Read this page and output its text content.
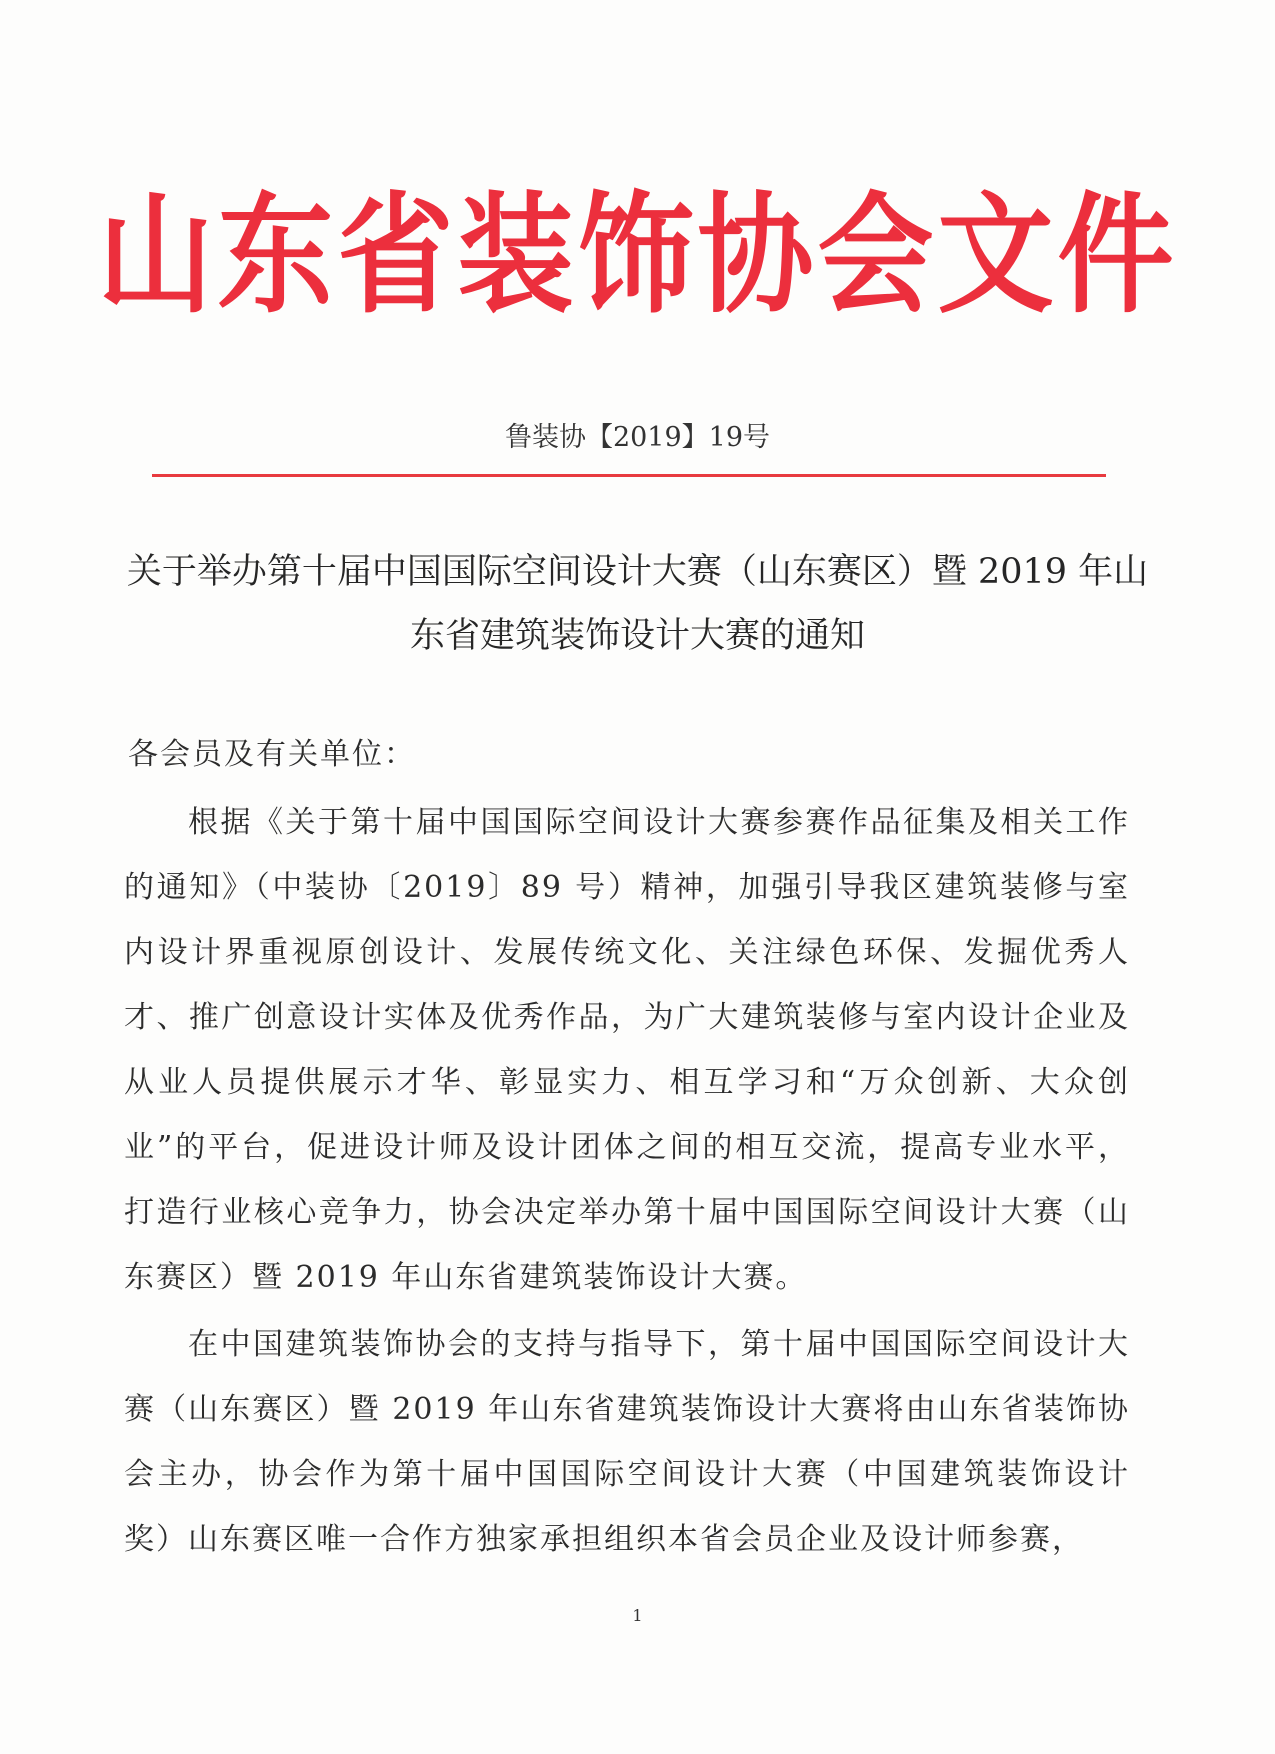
山东省装饰协会文件
鲁装协【2019】19号
关于举办第十届中国国际空间设计大赛（山东赛区）暨 2019 年山东省建筑装饰设计大赛的通知
各会员及有关单位：
根据《关于第十届中国国际空间设计大赛参赛作品征集及相关工作的通知》（中装协〔2019〕89 号）精神，加强引导我区建筑装修与室内设计界重视原创设计、发展传统文化、关注绿色环保、发掘优秀人才、推广创意设计实体及优秀作品，为广大建筑装修与室内设计企业及从业人员提供展示才华、彰显实力、相互学习和“万众创新、大众创业”的平台，促进设计师及设计团体之间的相互交流，提高专业水平，打造行业核心竞争力，协会决定举办第十届中国国际空间设计大赛（山东赛区）暨 2019 年山东省建筑装饰设计大赛。
在中国建筑装饰协会的支持与指导下，第十届中国国际空间设计大赛（山东赛区）暨 2019 年山东省建筑装饰设计大赛将由山东省装饰协会主办，协会作为第十届中国国际空间设计大赛（中国建筑装饰设计奖）山东赛区唯一合作方独家承担组织本省会员企业及设计师参赛，
1
